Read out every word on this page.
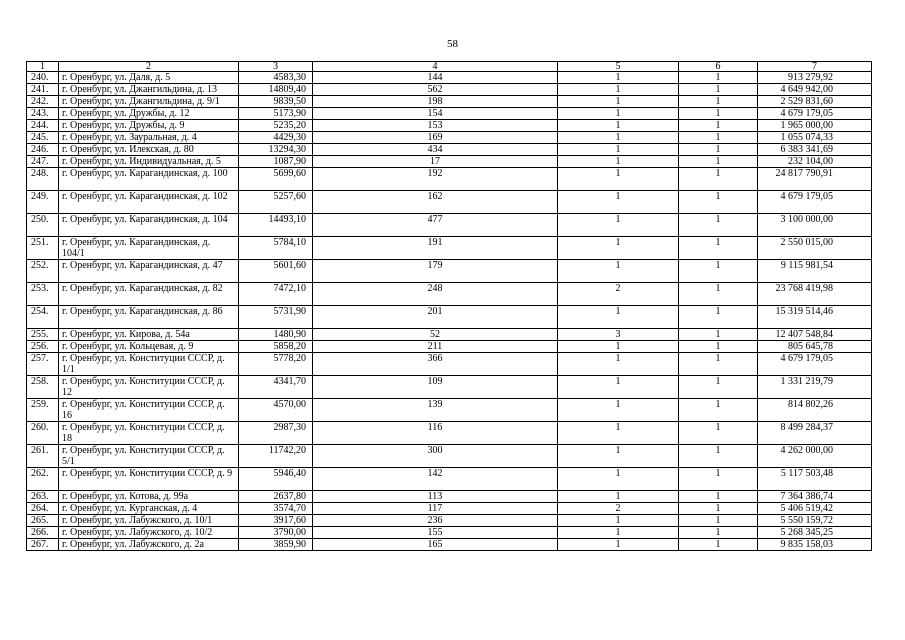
58
1	2	3	4	5	6	7
240.	г. Оренбург, ул. Даля, д. 5	4583,30	144	1	1	913 279,92
241.	г. Оренбург, ул. Джангильдина, д. 13	14809,40	562	1	1	4 649 942,00
242.	г. Оренбург, ул. Джангильдина, д. 9/1	9839,50	198	1	1	2 529 831,60
243.	г. Оренбург, ул. Дружбы, д. 12	5173,90	154	1	1	4 679 179,05
244.	г. Оренбург, ул. Дружбы, д. 9	5235,20	153	1	1	1 965 000,00
245.	г. Оренбург, ул. Зауральная, д. 4	4429,30	169	1	1	1 055 074,33
246.	г. Оренбург, ул. Илекская, д. 80	13294,30	434	1	1	6 383 341,69
247.	г. Оренбург, ул. Индивидуальная, д. 5	1087,90	17	1	1	232 104,00
248.	г. Оренбург, ул. Карагандинская, д. 100	5699,60	192	1	1	24 817 790,91
249.	г. Оренбург, ул. Карагандинская, д. 102	5257,60	162	1	1	4 679 179,05
250.	г. Оренбург, ул. Карагандинская, д. 104	14493,10	477	1	1	3 100 000,00
251.	г. Оренбург, ул. Карагандинская, д. 104/1	5784,10	191	1	1	2 550 015,00
252.	г. Оренбург, ул. Карагандинская, д. 47	5601,60	179	1	1	9 115 981,54
253.	г. Оренбург, ул. Карагандинская, д. 82	7472,10	248	2	1	23 768 419,98
254.	г. Оренбург, ул. Карагандинская, д. 86	5731,90	201	1	1	15 319 514,46
255.	г. Оренбург, ул. Кирова, д. 54а	1480,90	52	3	1	12 407 548,84
256.	г. Оренбург, ул. Кольцевая, д. 9	5858,20	211	1	1	805 645,78
257.	г. Оренбург, ул. Конституции СССР, д. 1/1	5778,20	366	1	1	4 679 179,05
258.	г. Оренбург, ул. Конституции СССР, д. 12	4341,70	109	1	1	1 331 219,79
259.	г. Оренбург, ул. Конституции СССР, д. 16	4570,00	139	1	1	814 802,26
260.	г. Оренбург, ул. Конституции СССР, д. 18	2987,30	116	1	1	8 499 284,37
261.	г. Оренбург, ул. Конституции СССР, д. 5/1	11742,20	300	1	1	4 262 000,00
262.	г. Оренбург, ул. Конституции СССР, д. 9	5946,40	142	1	1	5 117 503,48
263.	г. Оренбург, ул. Котова, д. 99а	2637,80	113	1	1	7 364 386,74
264.	г. Оренбург, ул. Курганская, д. 4	3574,70	117	2	1	5 406 519,42
265.	г. Оренбург, ул. Лабужского, д. 10/1	3917,60	236	1	1	5 550 159,72
266.	г. Оренбург, ул. Лабужского, д. 10/2	3790,00	155	1	1	5 268 345,25
267.	г. Оренбург, ул. Лабужского, д. 2а	3859,90	165	1	1	9 835 158,03
